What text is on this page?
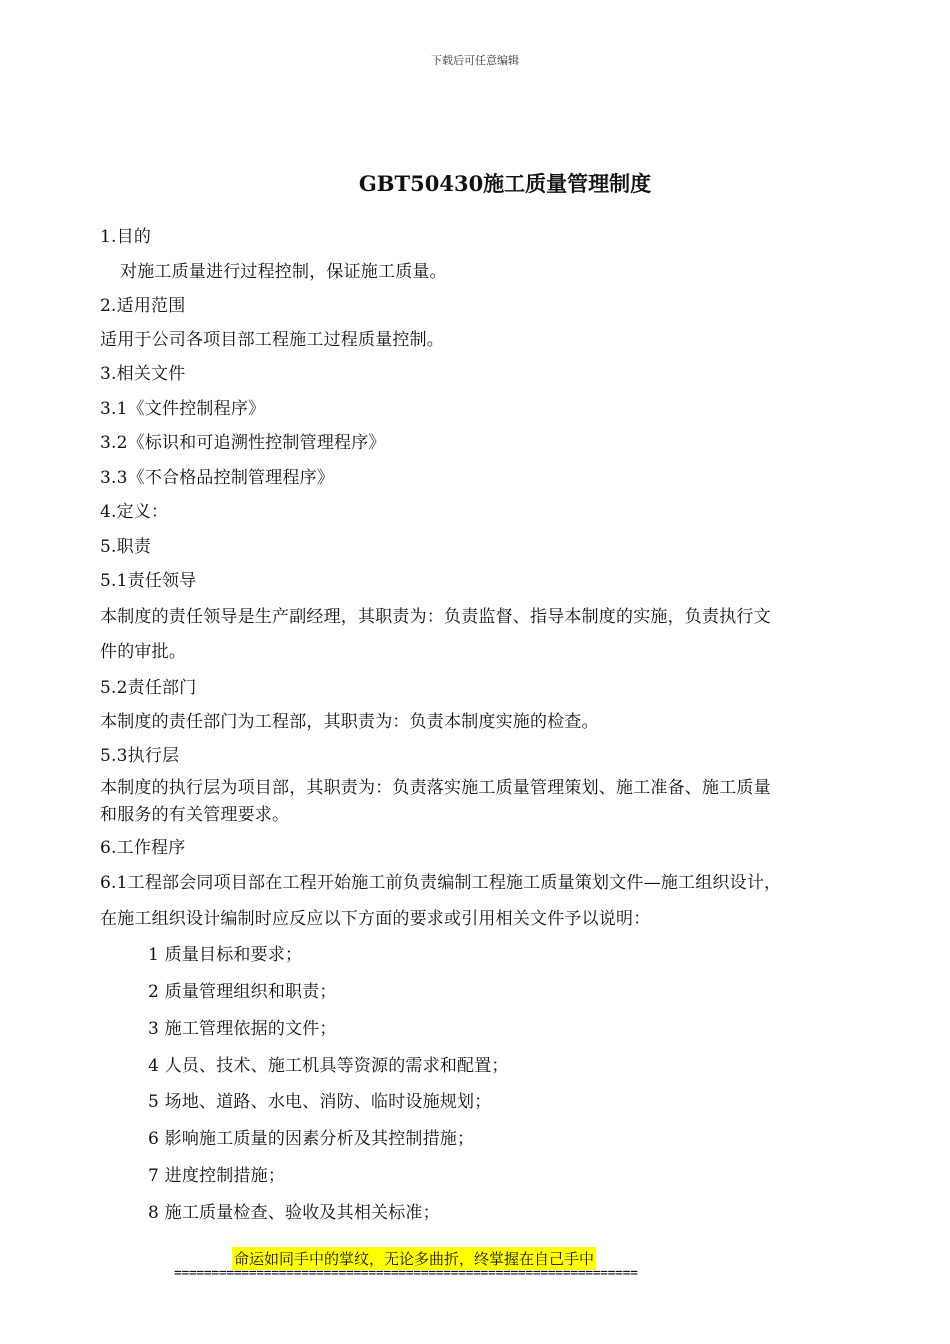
下载后可任意编辑
GBT50430施工质量管理制度
1.目的
对施工质量进行过程控制，保证施工质量。
2.适用范围
适用于公司各项目部工程施工过程质量控制。
3.相关文件
3.1《文件控制程序》
3.2《标识和可追溯性控制管理程序》
3.3《不合格品控制管理程序》
4.定义：
5.职责
5.1责任领导
本制度的责任领导是生产副经理，其职责为：负责监督、指导本制度的实施，负责执行文
件的审批。
5.2责任部门
本制度的责任部门为工程部，其职责为：负责本制度实施的检查。
5.3执行层
本制度的执行层为项目部，其职责为：负责落实施工质量管理策划、施工准备、施工质量
和服务的有关管理要求。
6.工作程序
6.1工程部会同项目部在工程开始施工前负责编制工程施工质量策划文件—施工组织设计，
在施工组织设计编制时应反应以下方面的要求或引用相关文件予以说明：
1 质量目标和要求；
2 质量管理组织和职责；
3 施工管理依据的文件；
4 人员、技术、施工机具等资源的需求和配置；
5 场地、道路、水电、消防、临时设施规划；
6 影响施工质量的因素分析及其控制措施；
7 进度控制措施；
8 施工质量检查、验收及其相关标准；
命运如同手中的掌纹，无论多曲折，终掌握在自己手中
==============================================================
